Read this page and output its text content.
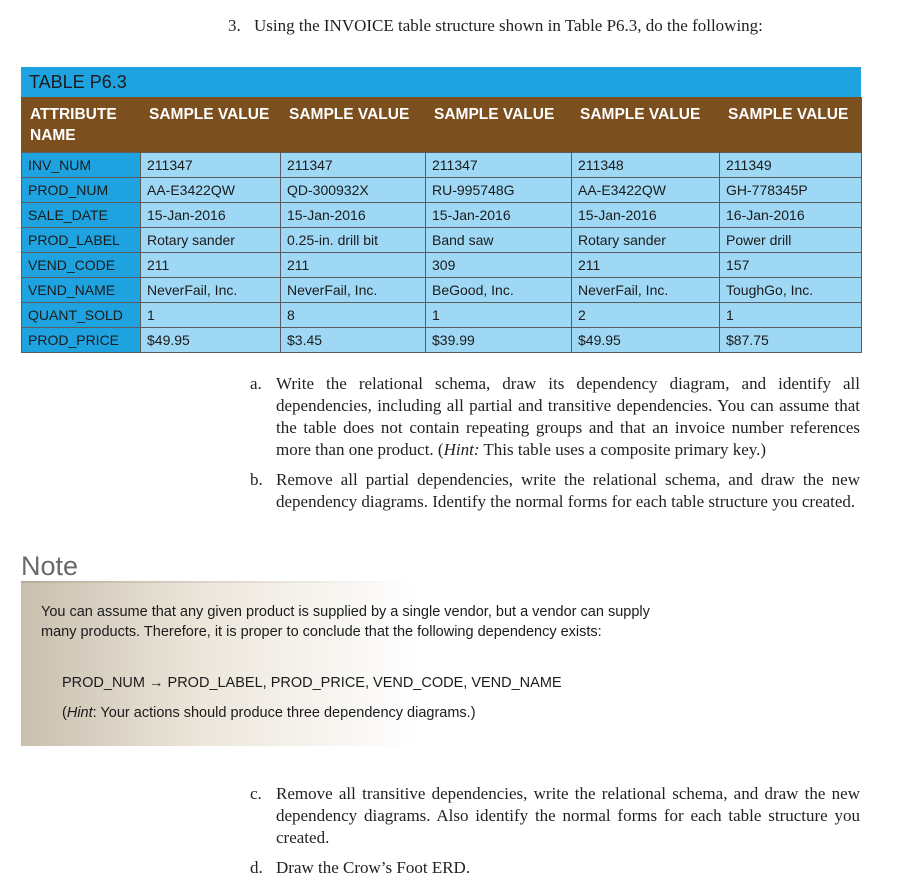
3. Using the INVOICE table structure shown in Table P6.3, do the following:
TABLE P6.3
ATTRIBUTE NAME	SAMPLE VALUE	SAMPLE VALUE	SAMPLE VALUE	SAMPLE VALUE	SAMPLE VALUE
INV_NUM	211347	211347	211347	211348	211349
PROD_NUM	AA-E3422QW	QD-300932X	RU-995748G	AA-E3422QW	GH-778345P
SALE_DATE	15-Jan-2016	15-Jan-2016	15-Jan-2016	15-Jan-2016	16-Jan-2016
PROD_LABEL	Rotary sander	0.25-in. drill bit	Band saw	Rotary sander	Power drill
VEND_CODE	211	211	309	211	157
VEND_NAME	NeverFail, Inc.	NeverFail, Inc.	BeGood, Inc.	NeverFail, Inc.	ToughGo, Inc.
QUANT_SOLD	1	8	1	2	1
PROD_PRICE	$49.95	$3.45	$39.99	$49.95	$87.75
a. Write the relational schema, draw its dependency diagram, and identify all dependencies, including all partial and transitive dependencies. You can assume that the table does not contain repeating groups and that an invoice number references more than one product. (Hint: This table uses a composite primary key.)
b. Remove all partial dependencies, write the relational schema, and draw the new dependency diagrams. Identify the normal forms for each table structure you created.
Note
You can assume that any given product is supplied by a single vendor, but a vendor can supply many products. Therefore, it is proper to conclude that the following dependency exists:
PROD_NUM → PROD_LABEL, PROD_PRICE, VEND_CODE, VEND_NAME
(Hint: Your actions should produce three dependency diagrams.)
c. Remove all transitive dependencies, write the relational schema, and draw the new dependency diagrams. Also identify the normal forms for each table structure you created.
d. Draw the Crow’s Foot ERD.
